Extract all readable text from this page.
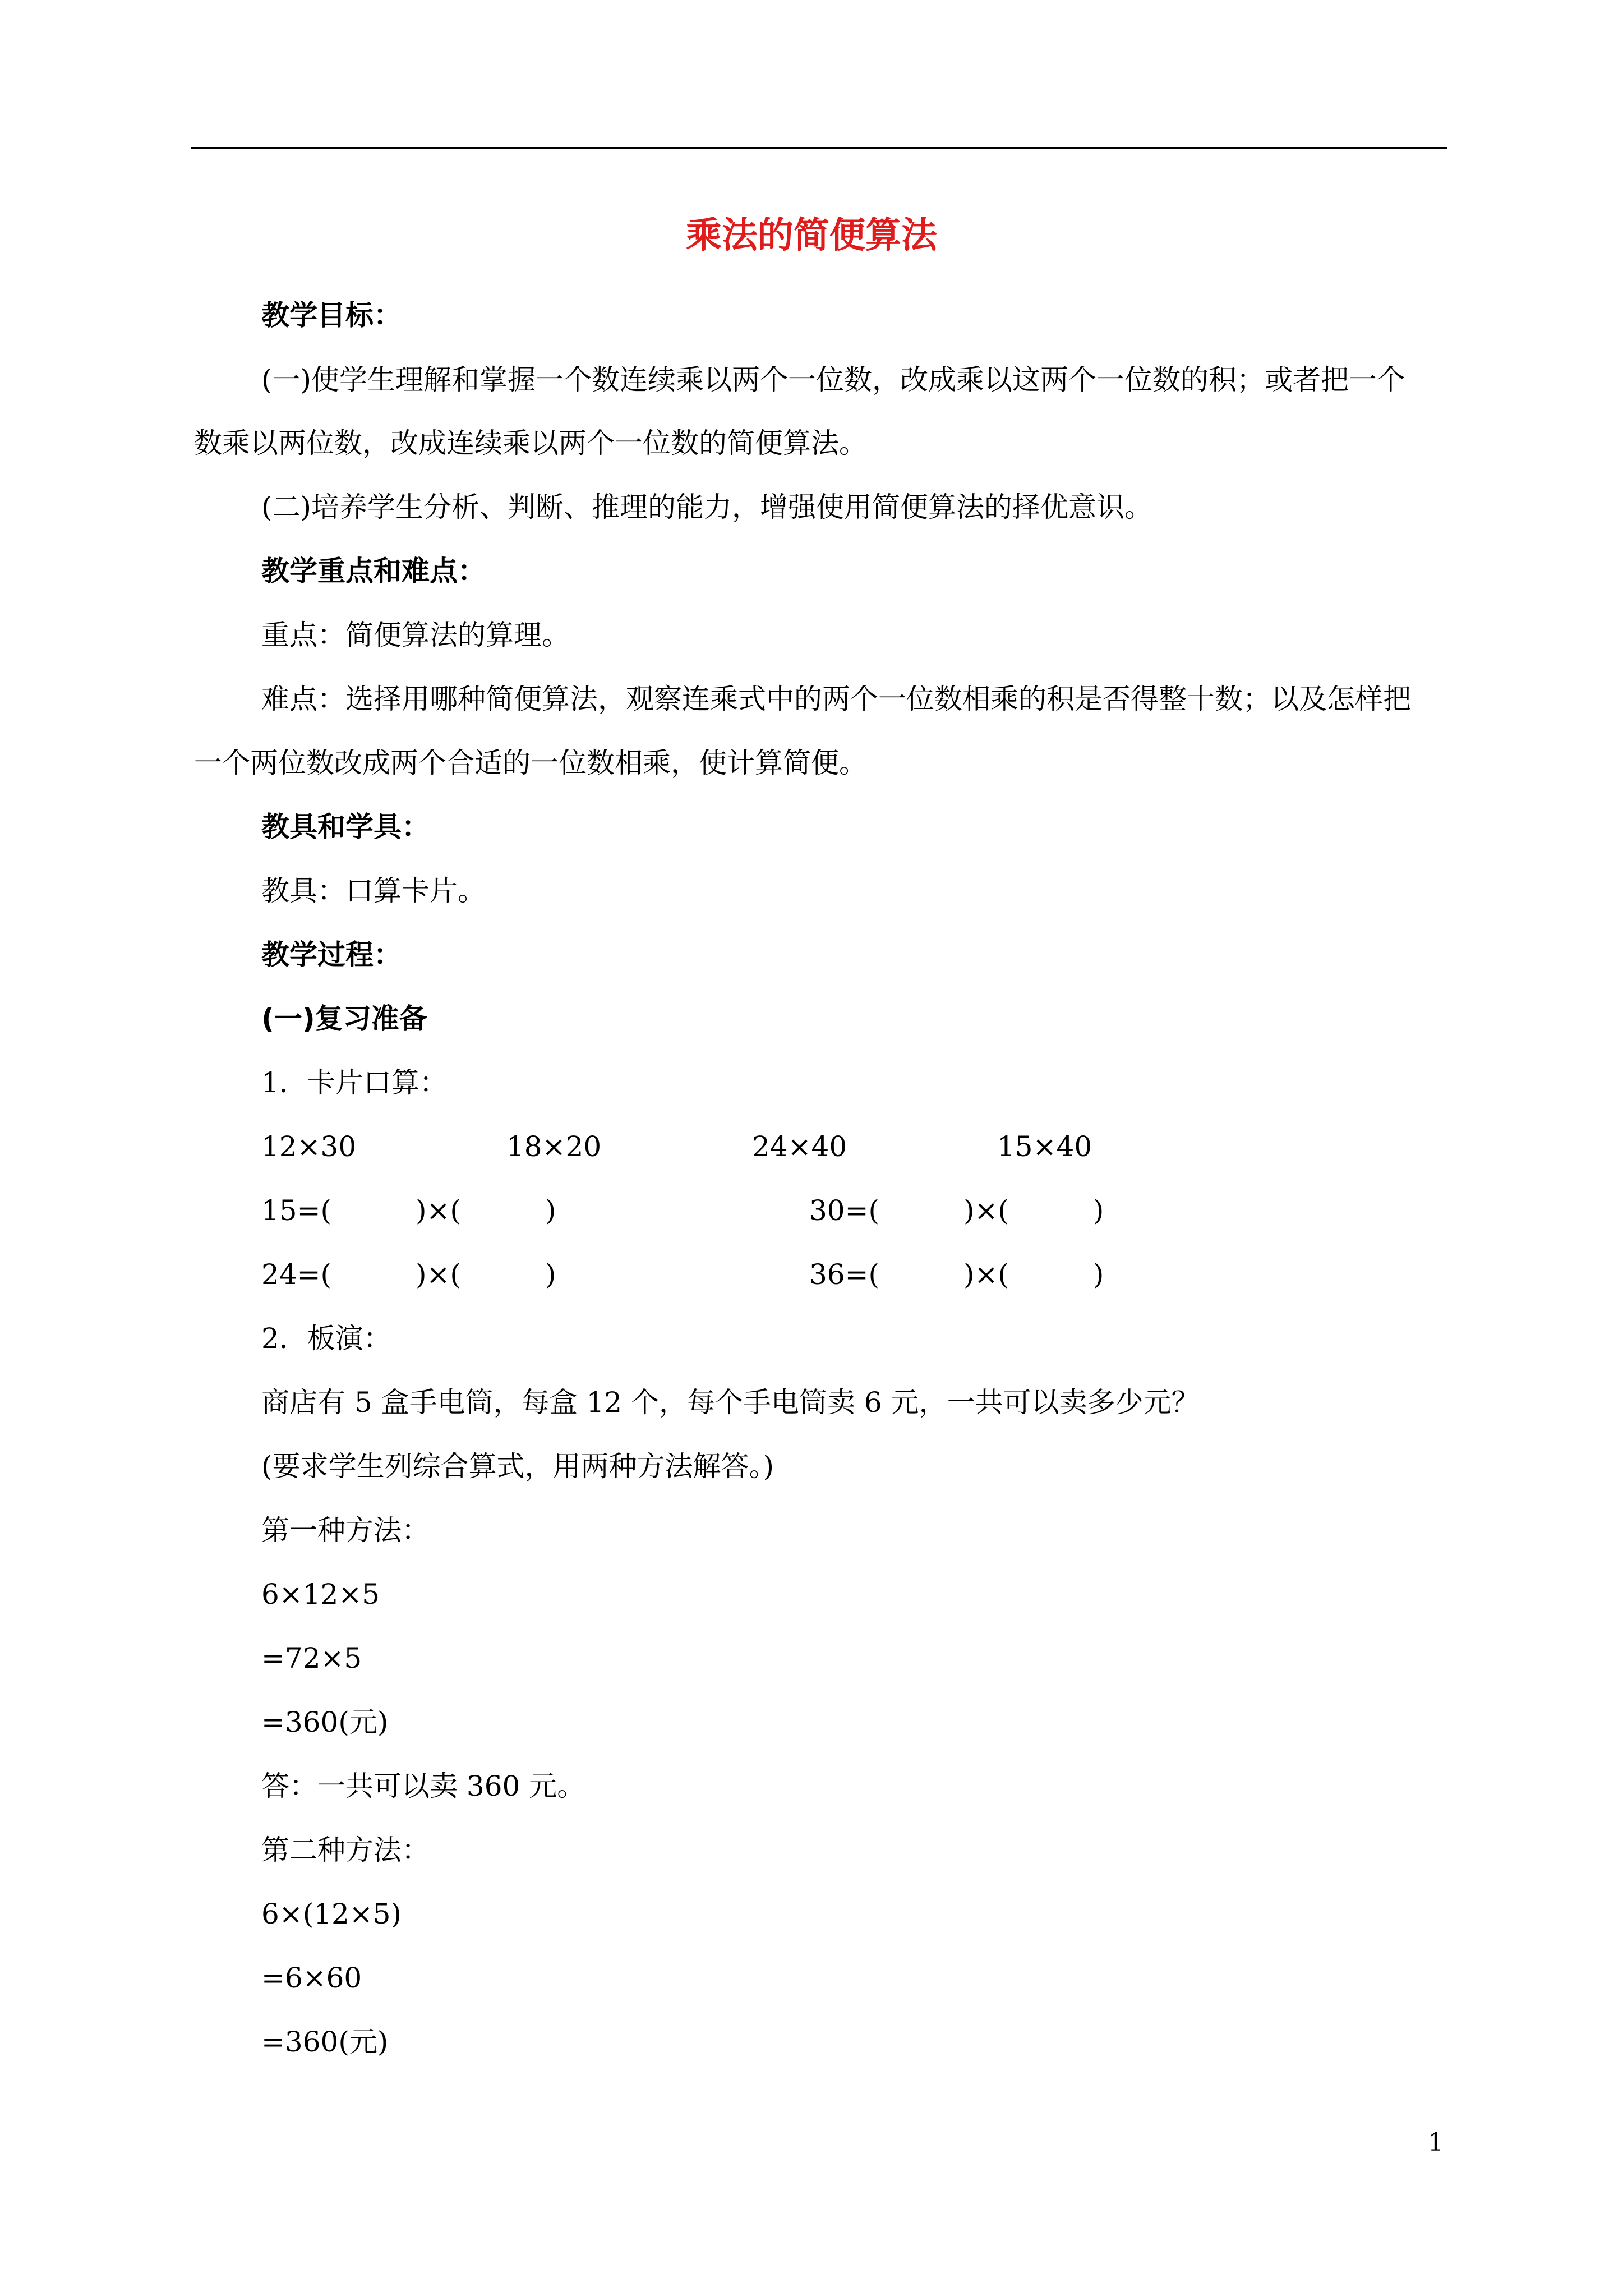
乘法的简便算法
教学目标：
(一)使学生理解和掌握一个数连续乘以两个一位数，改成乘以这两个一位数的积；或者把一个
数乘以两位数，改成连续乘以两个一位数的简便算法。
(二)培养学生分析、判断、推理的能力，增强使用简便算法的择优意识。
教学重点和难点：
重点：简便算法的算理。
难点：选择用哪种简便算法，观察连乘式中的两个一位数相乘的积是否得整十数；以及怎样把
一个两位数改成两个合适的一位数相乘，使计算简便。
教具和学具：
教具：口算卡片。
教学过程：
(一)复习准备
1．卡片口算：
12×30	18×20	24×40	15×40
15=(　　　)×(　　　)	30=(　　　)×(　　　)
24=(　　　)×(　　　)	36=(　　　)×(　　　)
2．板演：
商店有 5 盒手电筒，每盒 12 个，每个手电筒卖 6 元，一共可以卖多少元？
(要求学生列综合算式，用两种方法解答。)
第一种方法：
6×12×5
=72×5
=360(元)
答：一共可以卖 360 元。
第二种方法：
6×(12×5)
=6×60
=360(元)
1
